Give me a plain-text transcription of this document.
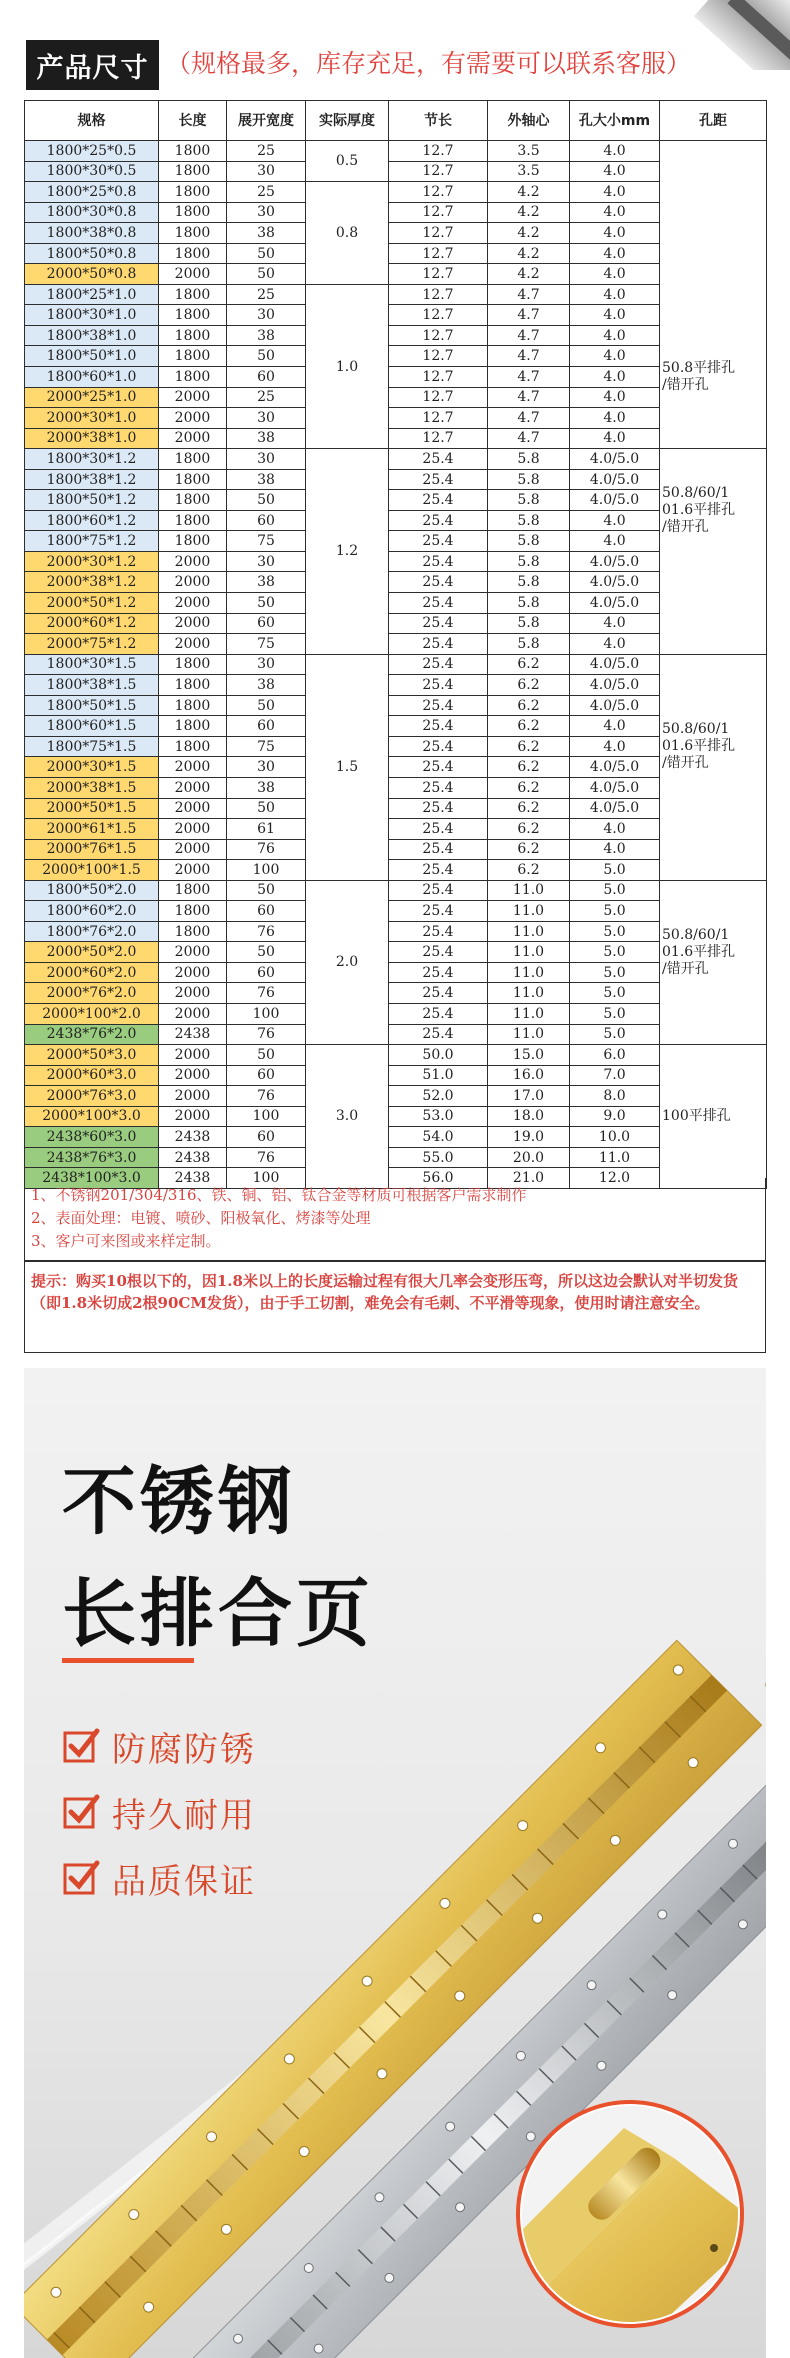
产品尺寸 （规格最多，库存充足，有需要可以联系客服）
规格	长度	展开宽度	实际厚度	节长	外轴心	孔大小mm	孔距
1800*25*0.5	1800	25	0.5	12.7	3.5	4.0	50.8平排孔
/错开孔

1800*30*0.5	1800	30		12.7	3.5	4.0	
1800*25*0.8	1800	25	0.8	12.7	4.2	4.0	
1800*30*0.8	1800	30		12.7	4.2	4.0	
1800*38*0.8	1800	38		12.7	4.2	4.0	
1800*50*0.8	1800	50		12.7	4.2	4.0	
2000*50*0.8	2000	50		12.7	4.2	4.0	
1800*25*1.0	1800	25	1.0	12.7	4.7	4.0	
1800*30*1.0	1800	30		12.7	4.7	4.0	
1800*38*1.0	1800	38		12.7	4.7	4.0	
1800*50*1.0	1800	50		12.7	4.7	4.0	
1800*60*1.0	1800	60		12.7	4.7	4.0	
2000*25*1.0	2000	25		12.7	4.7	4.0	
2000*30*1.0	2000	30		12.7	4.7	4.0	
2000*38*1.0	2000	38		12.7	4.7	4.0	
1800*30*1.2	1800	30	1.2	25.4	5.8	4.0/5.0	50.8/60/1
01.6平排孔
/错开孔

1800*38*1.2	1800	38		25.4	5.8	4.0/5.0	
1800*50*1.2	1800	50		25.4	5.8	4.0/5.0	
1800*60*1.2	1800	60		25.4	5.8	4.0	
1800*75*1.2	1800	75		25.4	5.8	4.0	
2000*30*1.2	2000	30		25.4	5.8	4.0/5.0	
2000*38*1.2	2000	38		25.4	5.8	4.0/5.0	
2000*50*1.2	2000	50		25.4	5.8	4.0/5.0	
2000*60*1.2	2000	60		25.4	5.8	4.0	
2000*75*1.2	2000	75		25.4	5.8	4.0	
1800*30*1.5	1800	30	1.5	25.4	6.2	4.0/5.0	50.8/60/1
01.6平排孔
/错开孔

1800*38*1.5	1800	38		25.4	6.2	4.0/5.0	
1800*50*1.5	1800	50		25.4	6.2	4.0/5.0	
1800*60*1.5	1800	60		25.4	6.2	4.0	
1800*75*1.5	1800	75		25.4	6.2	4.0	
2000*30*1.5	2000	30		25.4	6.2	4.0/5.0	
2000*38*1.5	2000	38		25.4	6.2	4.0/5.0	
2000*50*1.5	2000	50		25.4	6.2	4.0/5.0	
2000*61*1.5	2000	61		25.4	6.2	4.0	
2000*76*1.5	2000	76		25.4	6.2	4.0	
2000*100*1.5	2000	100		25.4	6.2	5.0	
1800*50*2.0	1800	50	2.0	25.4	11.0	5.0	50.8/60/1
01.6平排孔
/错开孔

1800*60*2.0	1800	60		25.4	11.0	5.0	
1800*76*2.0	1800	76		25.4	11.0	5.0	
2000*50*2.0	2000	50		25.4	11.0	5.0	
2000*60*2.0	2000	60		25.4	11.0	5.0	
2000*76*2.0	2000	76		25.4	11.0	5.0	
2000*100*2.0	2000	100		25.4	11.0	5.0	
2438*76*2.0	2438	76		25.4	11.0	5.0	
2000*50*3.0	2000	50	3.0	50.0	15.0	6.0	100平排孔

2000*60*3.0	2000	60		51.0	16.0	7.0	
2000*76*3.0	2000	76		52.0	17.0	8.0	
2000*100*3.0	2000	100		53.0	18.0	9.0	
2438*60*3.0	2438	60		54.0	19.0	10.0	
2438*76*3.0	2438	76		55.0	20.0	11.0	
2438*100*3.0	2438	100		56.0	21.0	12.0	

1、不锈钢201/304/316、铁、铜、铝、钛合金等材质可根据客户需求制作

2、表面处理：电镀、喷砂、阳极氧化、烤漆等处理

3、客户可来图或来样定制。

提示：购买10根以下的，因1.8米以上的长度运输过程有很大几率会变形压弯，所以这边会默认对半切发货（即1.8米切成2根90CM发货），由于手工切割，难免会有毛刺、不平滑等现象，使用时请注意安全。

不锈钢
长排合页
防腐防锈
持久耐用
品质保证
